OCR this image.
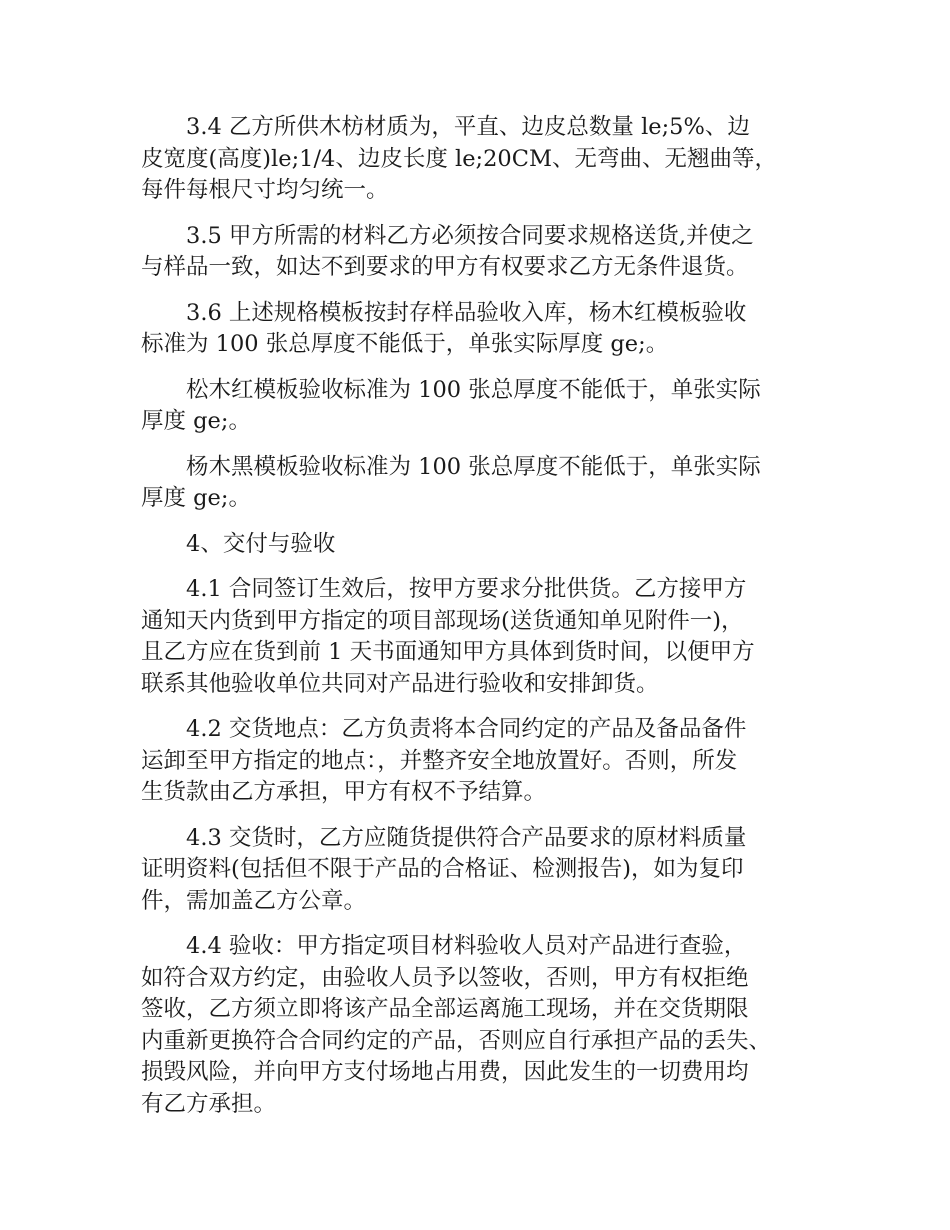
3.4 乙方所供木枋材质为，平直、边皮总数量 le;5%、边
皮宽度(高度)le;1/4、边皮长度 le;20CM、无弯曲、无翘曲等，
每件每根尺寸均匀统一。

3.5 甲方所需的材料乙方必须按合同要求规格送货,并使之
与样品一致，如达不到要求的甲方有权要求乙方无条件退货。

3.6 上述规格模板按封存样品验收入库，杨木红模板验收
标准为 100 张总厚度不能低于，单张实际厚度 ge;。

松木红模板验收标准为 100 张总厚度不能低于，单张实际
厚度 ge;。

杨木黑模板验收标准为 100 张总厚度不能低于，单张实际
厚度 ge;。

4、交付与验收

4.1 合同签订生效后，按甲方要求分批供货。乙方接甲方
通知天内货到甲方指定的项目部现场(送货通知单见附件一)，
且乙方应在货到前 1 天书面通知甲方具体到货时间，以便甲方
联系其他验收单位共同对产品进行验收和安排卸货。

4.2 交货地点：乙方负责将本合同约定的产品及备品备件
运卸至甲方指定的地点：，并整齐安全地放置好。否则，所发
生货款由乙方承担，甲方有权不予结算。

4.3 交货时，乙方应随货提供符合产品要求的原材料质量
证明资料(包括但不限于产品的合格证、检测报告)，如为复印
件，需加盖乙方公章。

4.4 验收：甲方指定项目材料验收人员对产品进行查验，
如符合双方约定，由验收人员予以签收，否则，甲方有权拒绝
签收，乙方须立即将该产品全部运离施工现场，并在交货期限
内重新更换符合合同约定的产品，否则应自行承担产品的丢失、
损毁风险，并向甲方支付场地占用费，因此发生的一切费用均
有乙方承担。
